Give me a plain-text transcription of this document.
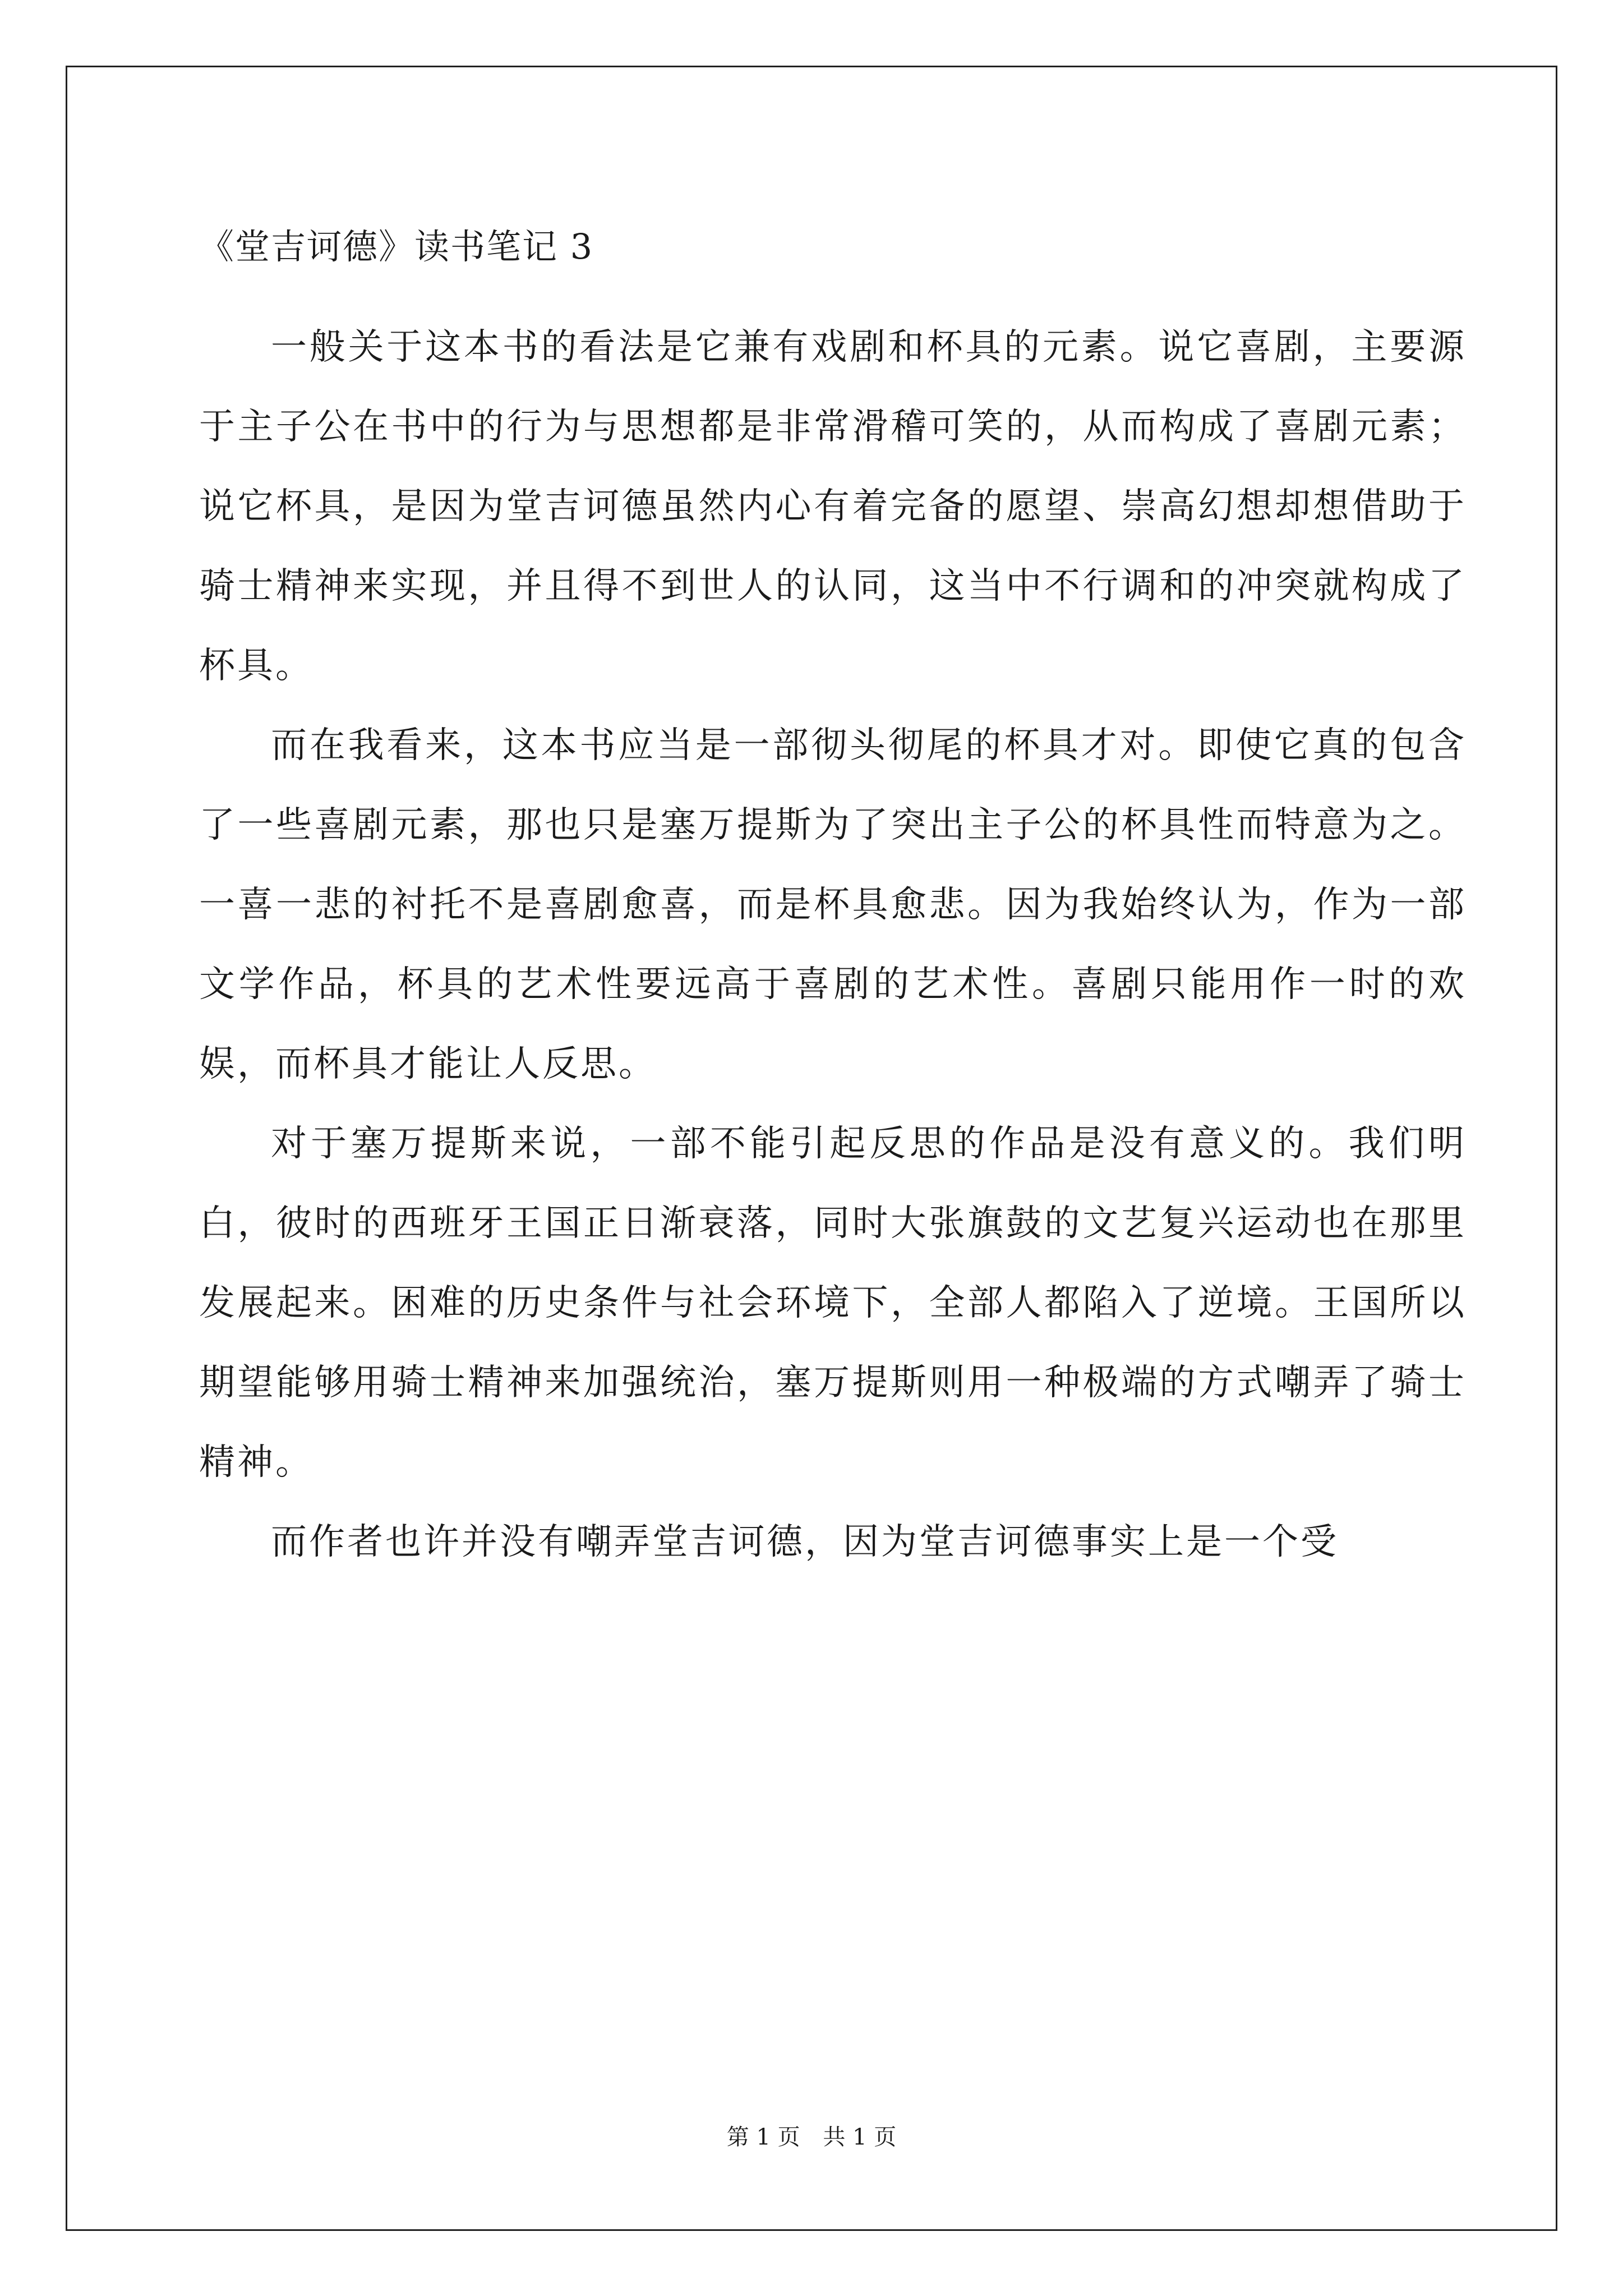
《堂吉诃德》读书笔记 3

一般关于这本书的看法是它兼有戏剧和杯具的元素。说它喜剧，主要源于主子公在书中的行为与思想都是非常滑稽可笑的，从而构成了喜剧元素；说它杯具，是因为堂吉诃德虽然内心有着完备的愿望、崇高幻想却想借助于骑士精神来实现，并且得不到世人的认同，这当中不行调和的冲突就构成了杯具。

而在我看来，这本书应当是一部彻头彻尾的杯具才对。即使它真的包含了一些喜剧元素，那也只是塞万提斯为了突出主子公的杯具性而特意为之。一喜一悲的衬托不是喜剧愈喜，而是杯具愈悲。因为我始终认为，作为一部文学作品，杯具的艺术性要远高于喜剧的艺术性。喜剧只能用作一时的欢娱，而杯具才能让人反思。

对于塞万提斯来说，一部不能引起反思的作品是没有意义的。我们明白，彼时的西班牙王国正日渐衰落，同时大张旗鼓的文艺复兴运动也在那里发展起来。困难的历史条件与社会环境下，全部人都陷入了逆境。王国所以期望能够用骑士精神来加强统治，塞万提斯则用一种极端的方式嘲弄了骑士精神。

而作者也许并没有嘲弄堂吉诃德，因为堂吉诃德事实上是一个受

第 1 页 共 1 页
